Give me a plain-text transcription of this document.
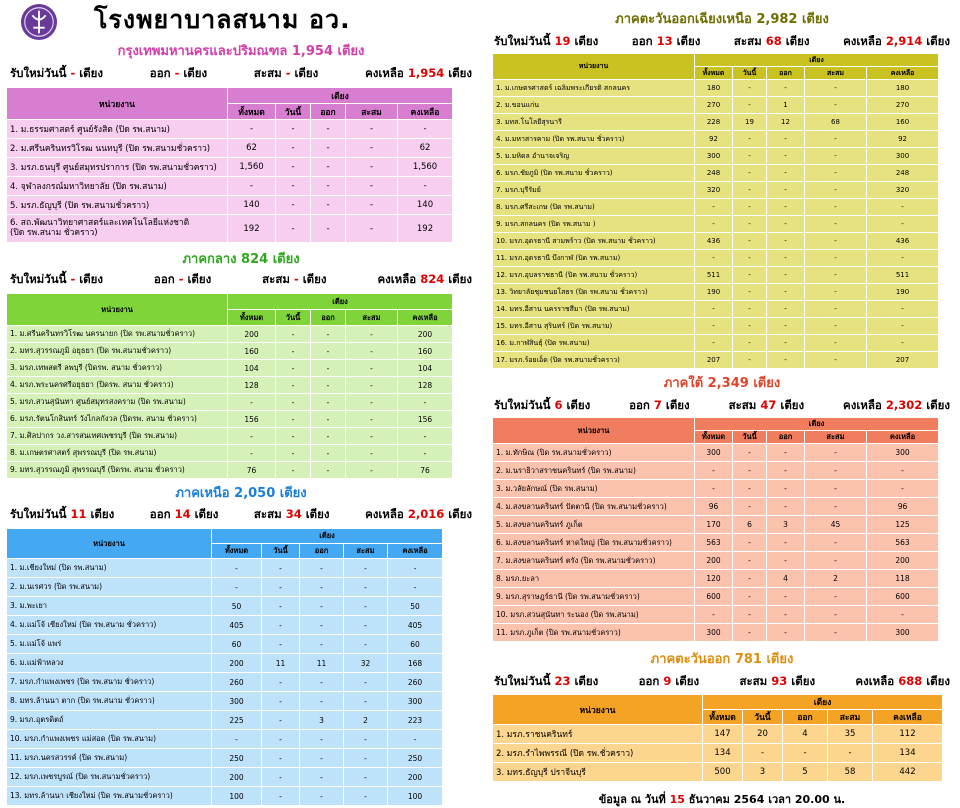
โรงพยาบาลสนาม อว.
กรุงเทพมหานครและปริมณฑล 1,954 เตียง
รับใหม่วันนี้ - เตียง	ออก - เตียง	สะสม - เตียง	คงเหลือ 1,954 เตียง
หน่วยงาน	เตียง				
	ทั้งหมด	วันนี้	ออก	สะสม	คงเหลือ
1. ม.ธรรมศาสตร์ ศูนย์รังสิต (ปิด รพ.สนาม)	-	-	-	-	-
2. ม.ศรีนครินทรวิโรฒ นนทบุรี (ปิด รพ.สนามชั่วคราว)	62	-	-	-	62
3. มรภ.ธนบุรี ศูนย์สมุทรปราการ (ปิด รพ.สนามชั่วคราว)	1,560	-	-	-	1,560
4. จุฬาลงกรณ์มหาวิทยาลัย (ปิด รพ.สนาม)	-	-	-	-	-
5. มรภ.ธัญบุรี (ปิด รพ.สนามชั่วคราว)	140	-	-	-	140
6. สถ.พัฒนาวิทยาศาสตร์และเทคโนโลยีแห่งชาติ
(ปิด รพ.สนาม ชั่วคราว)	192	-	-	-	192
ภาคกลาง 824 เตียง
รับใหม่วันนี้ - เตียง	ออก - เตียง	สะสม - เตียง	คงเหลือ 824 เตียง
หน่วยงาน	เตียง				
	ทั้งหมด	วันนี้	ออก	สะสม	คงเหลือ
1. ม.ศรีนครินทรวิโรฒ นครนายก (ปิด รพ.สนามชั่วคราว)	200	-	-	-	200
2. มทร.สุวรรณภูมิ อยุธยา (ปิด รพ.สนามชั่วคราว)	160	-	-	-	160
3. มรภ.เทพสตรี ลพบุรี (ปิดรพ. สนาม ชั่วคราว)	104	-	-	-	104
4. มรภ.พระนครศรีอยุธยา (ปิดรพ. สนาม ชั่วคราว)	128	-	-	-	128
5. มรภ.สวนสุนันทา ศูนย์สมุทรสงคราม (ปิด รพ.สนาม)	-	-	-	-	-
6. มรภ.รัตนโกสินทร์ วังไกลกังวล (ปิดรพ. สนาม ชั่วคราว)	156	-	-	-	156
7. ม.ศิลปากร วง.สารสนเทศเพชรบุรี (ปิด รพ.สนาม)	-	-	-	-	-
8. ม.เกษตรศาสตร์ สุพรรณบุรี (ปิด รพ.สนาม)	-	-	-	-	-
9. มทร.สุวรรณภูมิ สุพรรณบุรี (ปิดรพ. สนาม ชั่วคราว)	76	-	-	-	76
ภาคเหนือ 2,050 เตียง
รับใหม่วันนี้ 11 เตียง	ออก 14 เตียง	สะสม 34 เตียง	คงเหลือ 2,016 เตียง
หน่วยงาน	เตียง				
	ทั้งหมด	วันนี้	ออก	สะสม	คงเหลือ
1. ม.เชียงใหม่ (ปิด รพ.สนาม)	-	-	-	-	-
2. ม.นเรศวร (ปิด รพ.สนาม)	-	-	-	-	-
3. ม.พะเยา	50	-	-	-	50
4. ม.แม่โจ้ เชียงใหม่ (ปิด รพ.สนาม ชั่วคราว)	405	-	-	-	405
5. ม.แม่โจ้ แพร่	60	-	-	-	60
6. ม.แม่ฟ้าหลวง	200	11	11	32	168
7. มรภ.กำแพงเพชร (ปิด รพ.สนาม ชั่วคราว)	260	-	-	-	260
8. มทร.ล้านนา ตาก (ปิด รพ.สนาม ชั่วคราว)	300	-	-	-	300
9. มรภ.อุตรดิตถ์	225	-	3	2	223
10. มรภ.กำแพงเพชร แม่สอด (ปิด รพ.สนาม)	-	-	-	-	-
11. มรภ.นครสวรรค์ (ปิด รพ.สนาม)	250	-	-	-	250
12. มรภ.เพชรบูรณ์ (ปิด รพ.สนามชั่วคราว)	200	-	-	-	200
13. มทร.ล้านนา เชียงใหม่ (ปิด รพ.สนามชั่วคราว)	100	-	-	-	100
ภาคตะวันออกเฉียงเหนือ 2,982 เตียง
รับใหม่วันนี้ 19 เตียง	ออก 13 เตียง	สะสม 68 เตียง	คงเหลือ 2,914 เตียง
หน่วยงาน	เตียง				
	ทั้งหมด	วันนี้	ออก	สะสม	คงเหลือ
1. ม.เกษตรศาสตร์ เฉลิมพระเกียรติ สกลนคร	180	-	-	-	180
2. ม.ขอนแก่น	270	-	1	-	270
3. มทส.โนโลยีสุรนารี	228	19	12	68	160
4. ม.มหาสารคาม (ปิด รพ.สนาม ชั่วคราว)	92	-	-	-	92
5. ม.มหิดล อำนาจเจริญ	300	-	-	-	300
6. มรภ.ชัยภูมิ (ปิด รพ.สนาม ชั่วคราว)	248	-	-	-	248
7. มรภ.บุรีรัมย์	320	-	-	-	320
8. มรภ.ศรีสะเกษ (ปิด รพ.สนาม)	-	-	-	-	-
9. มรภ.สกลนคร (ปิด รพ.สนาม )	-	-	-	-	-
10. มรภ.อุดรธานี สามพร้าว (ปิด รพ.สนาม ชั่วคราว)	436	-	-	-	436
11. มรภ.อุดรธานี บึงกาฬ (ปิด รพ.สนาม)	-	-	-	-	-
12. มรภ.อุบลราชธานี (ปิด รพ.สนาม ชั่วคราว)	511	-	-	-	511
13. วิทยาลัยชุมชนยโสธร (ปิด รพ.สนาม ชั่วคราว)	190	-	-	-	190
14. มทร.อีสาน นครราชสีมา (ปิด รพ.สนาม)	-	-	-	-	-
15. มทร.อีสาน สุรินทร์ (ปิด รพ.สนาม)	-	-	-	-	-
16. ม.กาฬสินธุ์ (ปิด รพ.สนาม)	-	-	-	-	-
17. มรภ.ร้อยเอ็ด (ปิด รพ.สนามชั่วคราว)	207	-	-	-	207
ภาคใต้ 2,349 เตียง
รับใหม่วันนี้ 6 เตียง	ออก 7 เตียง	สะสม 47 เตียง	คงเหลือ 2,302 เตียง
หน่วยงาน	เตียง				
	ทั้งหมด	วันนี้	ออก	สะสม	คงเหลือ
1. ม.ทักษิณ (ปิด รพ.สนามชั่วคราว)	300	-	-	-	300
2. ม.นราธิวาสราชนครินทร์ (ปิด รพ.สนาม)	-	-	-	-	-
3. ม.วลัยลักษณ์ (ปิด รพ.สนาม)	-	-	-	-	-
4. ม.สงขลานครินทร์ ปัตตานี (ปิด รพ.สนามชั่วคราว)	96	-	-	-	96
5. ม.สงขลานครินทร์ ภูเก็ต	170	6	3	45	125
6. ม.สงขลานครินทร์ หาดใหญ่ (ปิด รพ.สนามชั่วคราว)	563	-	-	-	563
7. ม.สงขลานครินทร์ ตรัง (ปิด รพ.สนามชั่วคราว)	200	-	-	-	200
8. มรภ.ยะลา	120	-	4	2	118
9. มรภ.สุราษฎร์ธานี (ปิด รพ.สนามชั่วคราว)	600	-	-	-	600
10. มรภ.สวนสุนันทา ระนอง (ปิด รพ.สนาม)	-	-	-	-	-
11. มรภ.ภูเก็ต (ปิด รพ.สนามชั่วคราว)	300	-	-	-	300
ภาคตะวันออก 781 เตียง
รับใหม่วันนี้ 23 เตียง	ออก 9 เตียง	สะสม 93 เตียง	คงเหลือ 688 เตียง
หน่วยงาน	เตียง				
	ทั้งหมด	วันนี้	ออก	สะสม	คงเหลือ
1. มรภ.ราชนครินทร์	147	20	4	35	112
2. มรภ.รำไพพรรณี (ปิด รพ.ชั่วคราว)	134	-	-	-	134
3. มทร.ธัญบุรี ปราจีนบุรี	500	3	5	58	442
ข้อมูล ณ วันที่ 15 ธันวาคม 2564 เวลา 20.00 น.
